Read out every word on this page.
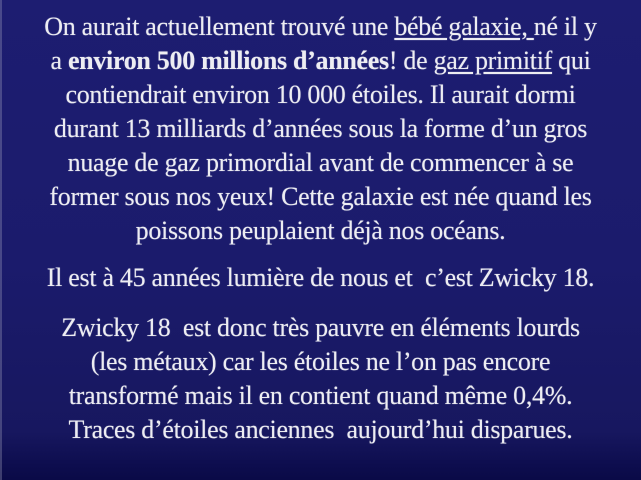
On aurait actuellement trouvé une bébé galaxie, né il y
a environ 500 millions d’années! de gaz primitif qui
contiendrait environ 10 000 étoiles. Il aurait dormi
durant 13 milliards d’années sous la forme d’un gros
nuage de gaz primordial avant de commencer à se
former sous nos yeux! Cette galaxie est née quand les
poissons peuplaient déjà nos océans.

Il est à 45 années lumière de nous et  c’est Zwicky 18.

Zwicky 18  est donc très pauvre en éléments lourds
(les métaux) car les étoiles ne l’on pas encore
transformé mais il en contient quand même 0,4%.
Traces d’étoiles anciennes  aujourd’hui disparues.
